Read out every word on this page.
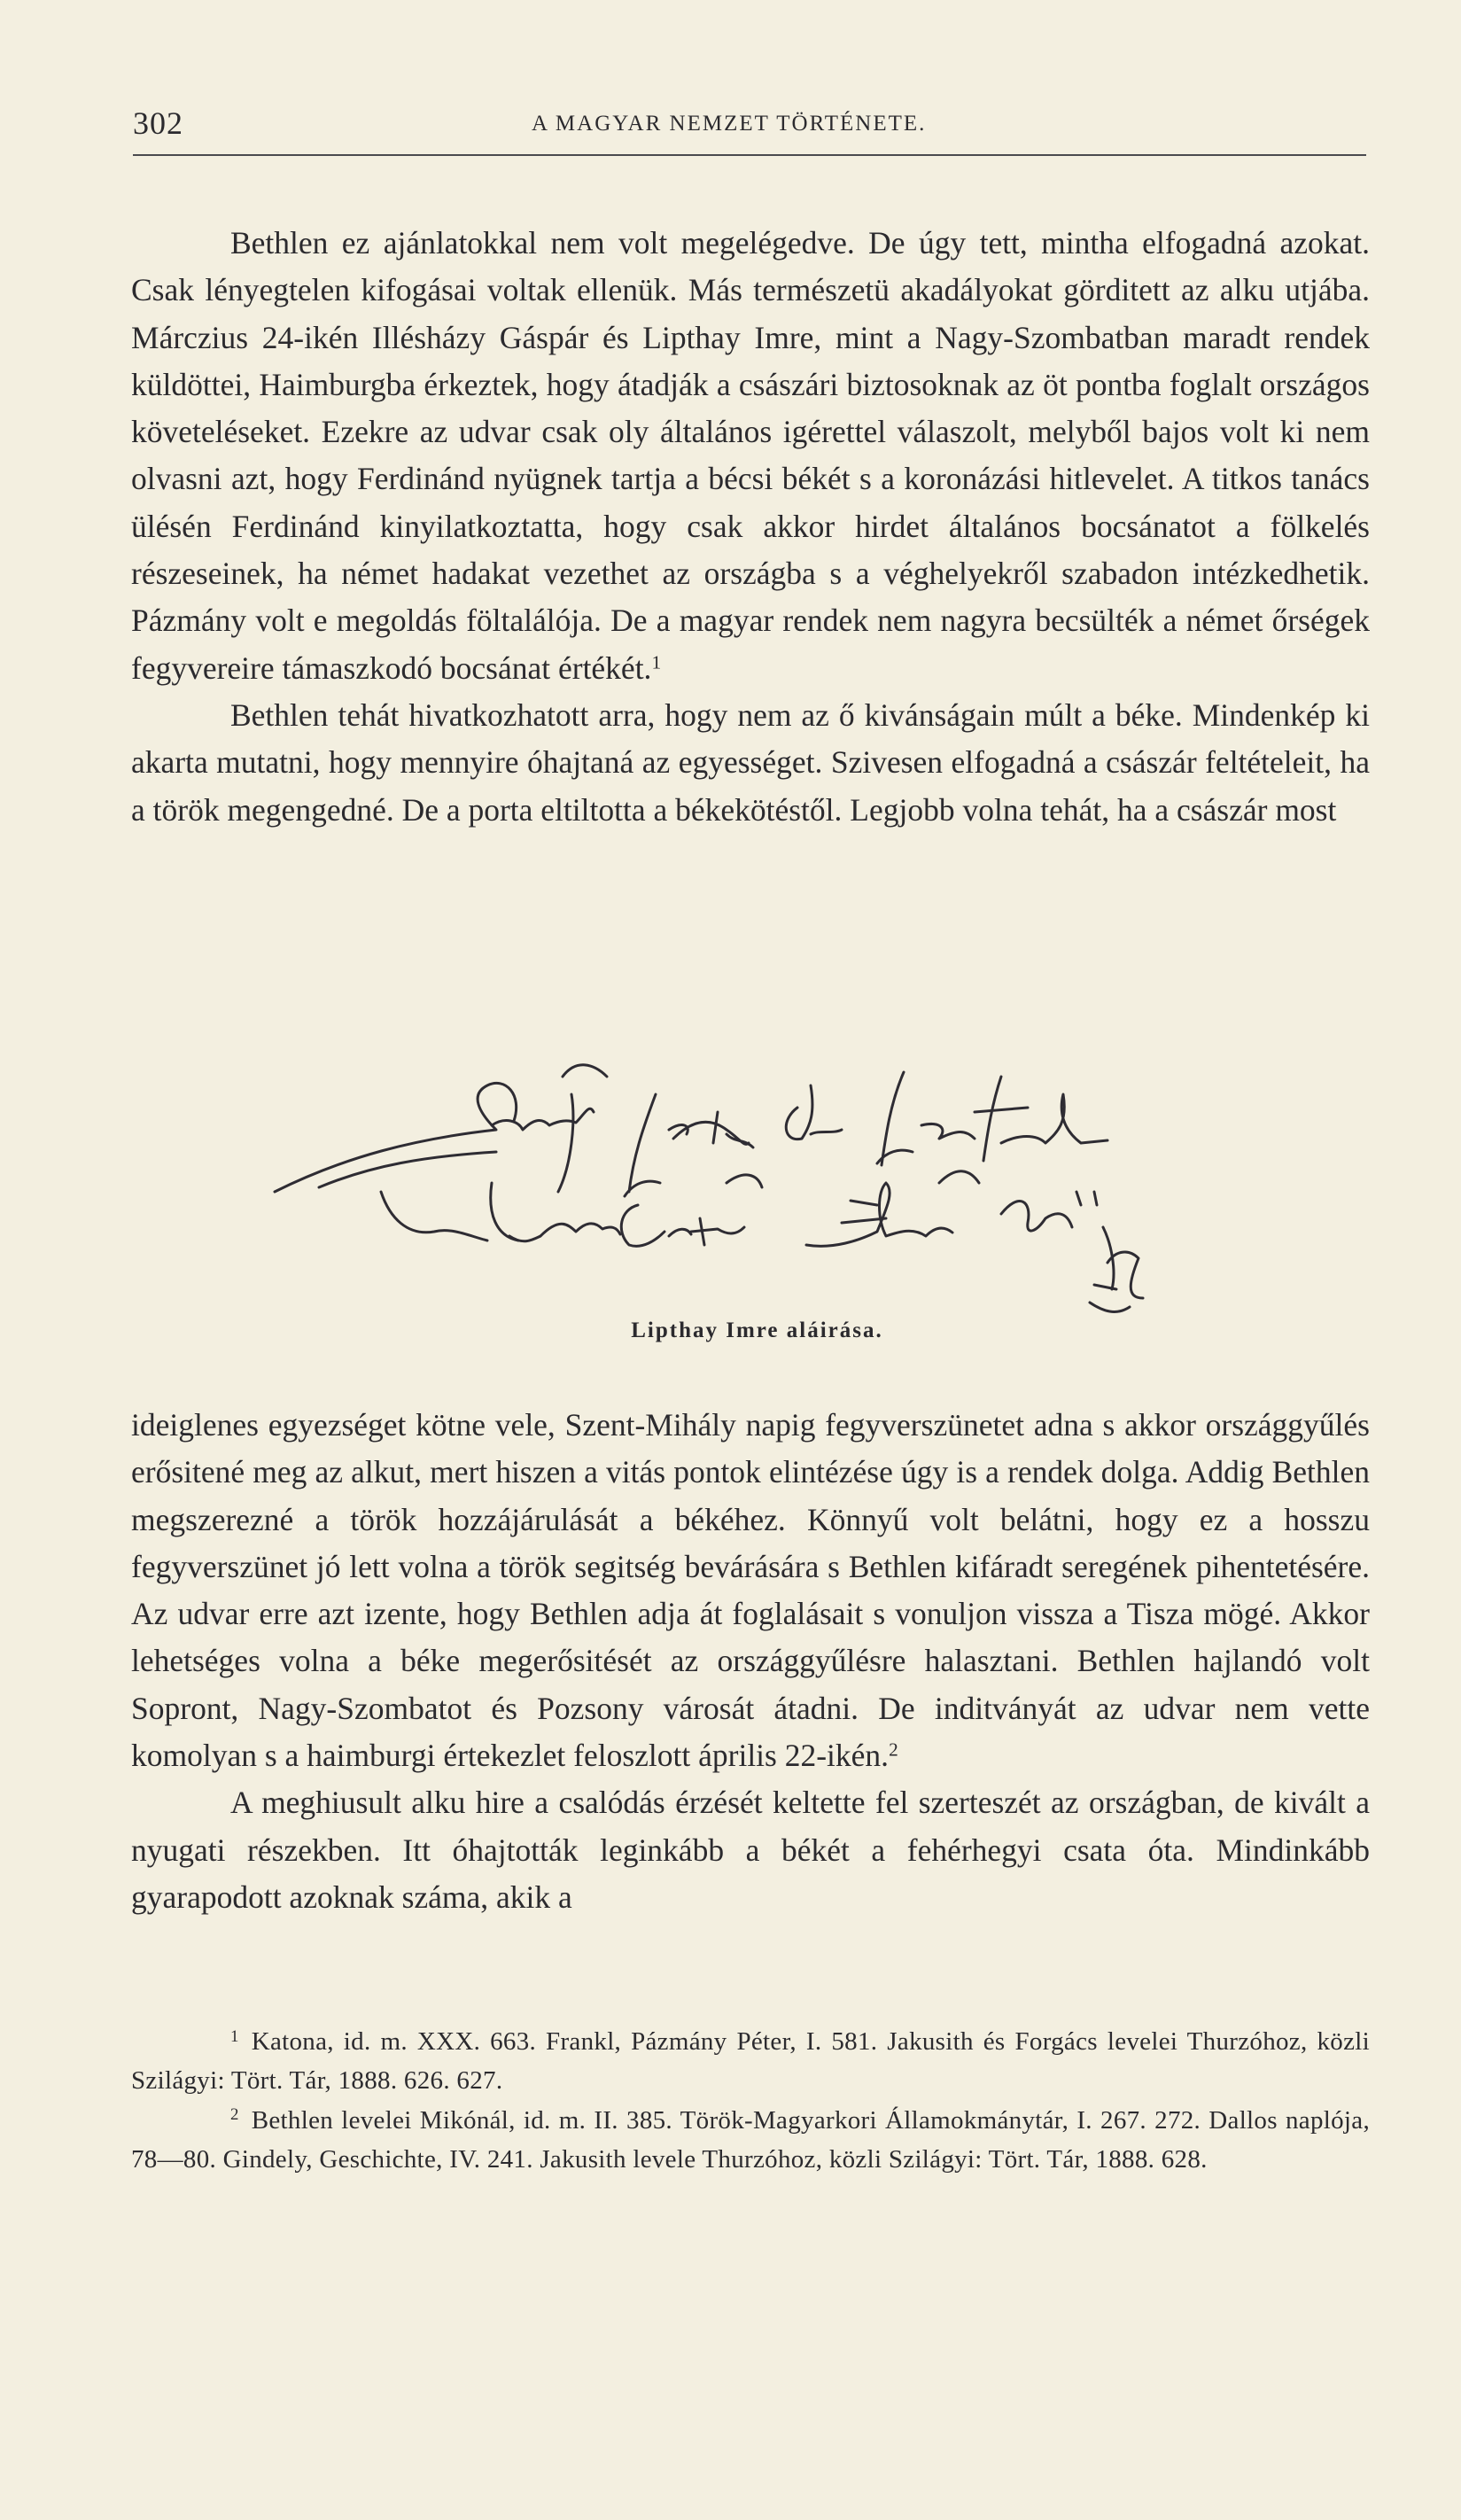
302	A MAGYAR NEMZET TÖRTÉNETE.

Bethlen ez ajánlatokkal nem volt megelégedve. De úgy tett, mintha elfogadná azokat. Csak lényegtelen kifogásai voltak ellenük. Más természetü akadályokat görditett az alku utjába. Márczius 24-ikén Illésházy Gáspár és Lipthay Imre, mint a Nagy-Szombatban maradt rendek küldöttei, Haimburgba érkeztek, hogy átadják a császári biztosoknak az öt pontba foglalt országos követeléseket. Ezekre az udvar csak oly általános igérettel válaszolt, melyből bajos volt ki nem olvasni azt, hogy Ferdinánd nyügnek tartja a bécsi békét s a koronázási hitlevelet. A titkos tanács ülésén Ferdinánd kinyilatkoztatta, hogy csak akkor hirdet általános bocsánatot a fölkelés részeseinek, ha német hadakat vezethet az országba s a véghelyekről szabadon intézkedhetik. Pázmány volt e megoldás föltalálója. De a magyar rendek nem nagyra becsülték a német őrségek fegyvereire támaszkodó bocsánat értékét.$^1$

Bethlen tehát hivatkozhatott arra, hogy nem az ő kivánságain múlt a béke. Mindenkép ki akarta mutatni, hogy mennyire óhajtaná az egyességet. Szivesen elfogadná a császár feltételeit, ha a török megengedné. De a porta eltiltotta a békekötéstől. Legjobb volna tehát, ha a császár most

Lipthay Imre aláirása.

ideiglenes egyezséget kötne vele, Szent-Mihály napig fegyverszünetet adna s akkor országgyűlés erősitené meg az alkut, mert hiszen a vitás pontok elintézése úgy is a rendek dolga. Addig Bethlen megszerezné a török hozzájárulását a békéhez. Könnyű volt belátni, hogy ez a hosszu fegyverszünet jó lett volna a török segitség bevárására s Bethlen kifáradt seregének pihentetésére. Az udvar erre azt izente, hogy Bethlen adja át foglalásait s vonuljon vissza a Tisza mögé. Akkor lehetséges volna a béke megerősitését az országgyűlésre halasztani. Bethlen hajlandó volt Sopront, Nagy-Szombatot és Pozsony városát átadni. De inditványát az udvar nem vette komolyan s a haimburgi értekezlet feloszlott április 22-ikén.$^2$

A meghiusult alku hire a csalódás érzését keltette fel szerteszét az országban, de kivált a nyugati részekben. Itt óhajtották leginkább a békét a fehérhegyi csata óta. Mindinkább gyarapodott azoknak száma, akik a

$^1$ Katona, id. m. XXX. 663. Frankl, Pázmány Péter, I. 581. Jakusith és Forgács levelei Thurzóhoz, közli Szilágyi: Tört. Tár, 1888. 626. 627.

$^2$ Bethlen levelei Mikónál, id. m. II. 385. Török-Magyarkori Államokmánytár, I. 267. 272. Dallos naplója, 78—80. Gindely, Geschichte, IV. 241. Jakusith levele Thurzóhoz, közli Szilágyi: Tört. Tár, 1888. 628.
